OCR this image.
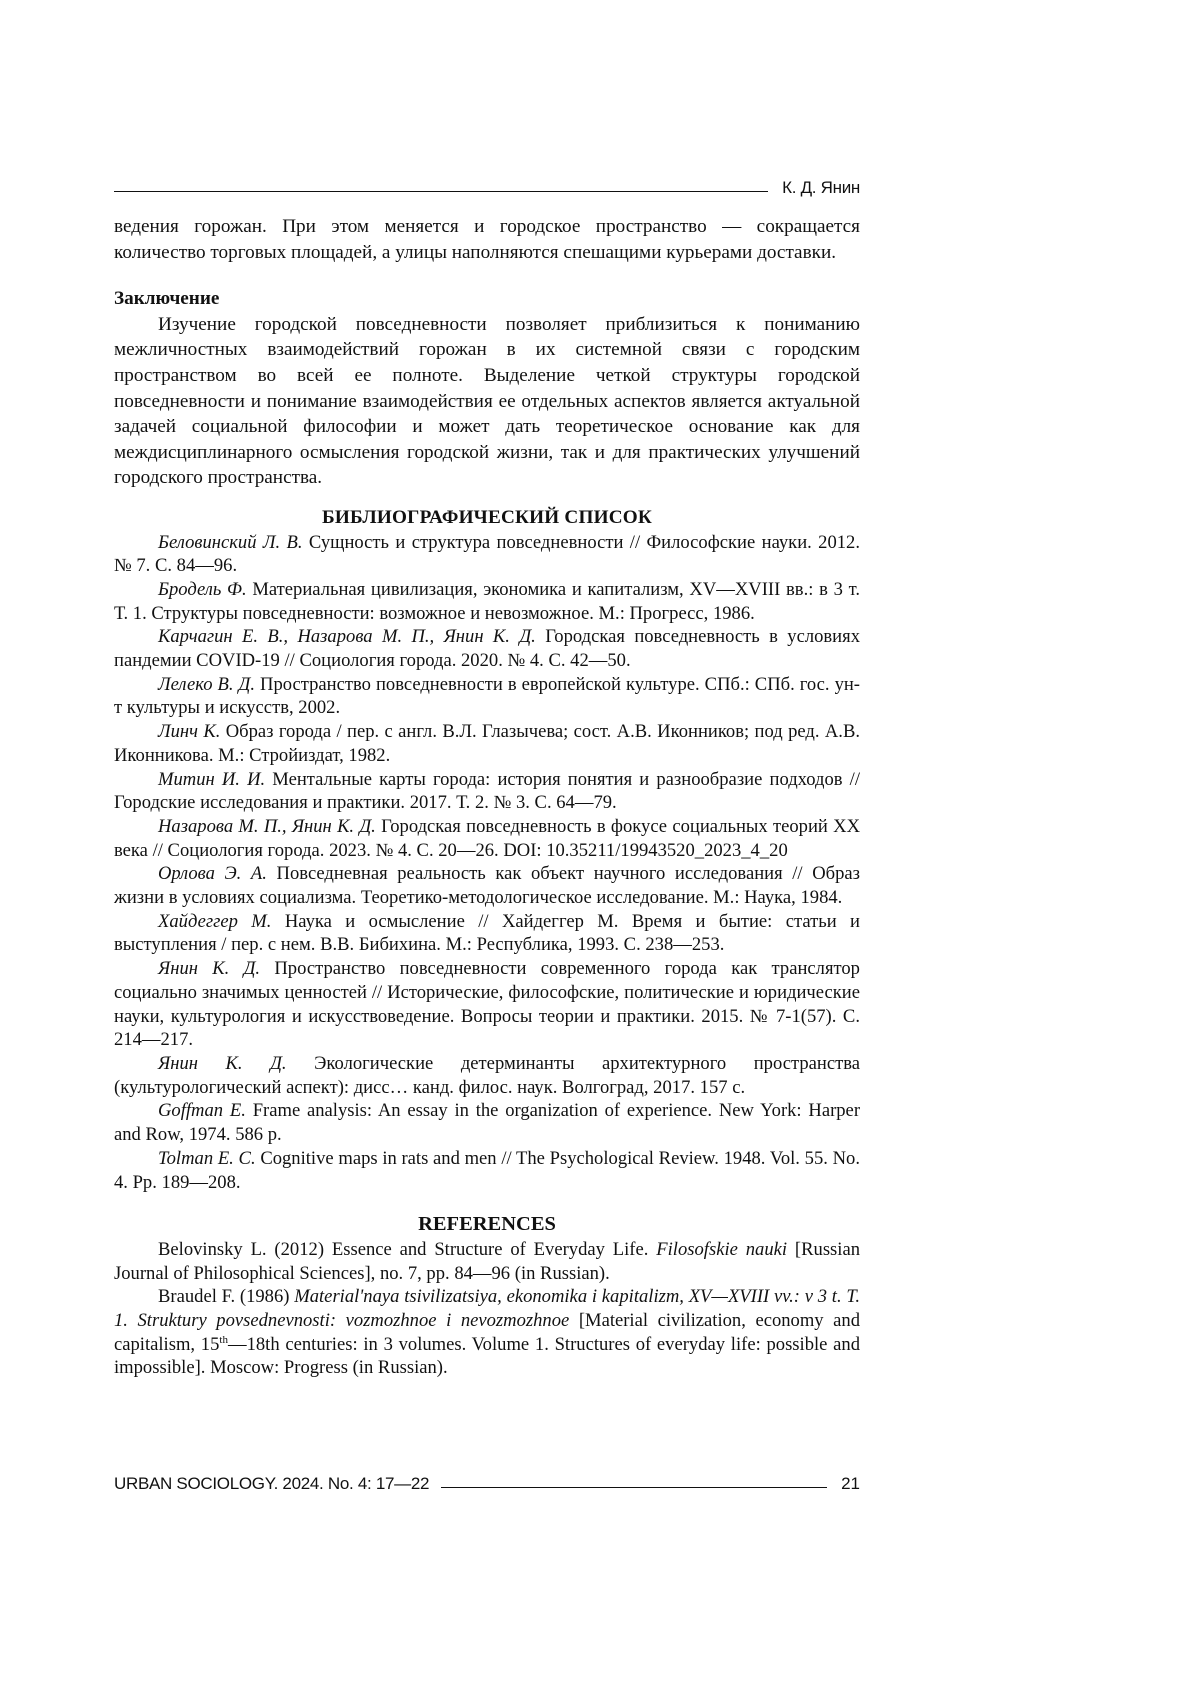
К. Д. Янин

ведения горожан. При этом меняется и городское пространство — сокращается количество торговых площадей, а улицы наполняются спешащими курьерами доставки.

Заключение

Изучение городской повседневности позволяет приблизиться к пониманию межличностных взаимодействий горожан в их системной связи с городским пространством во всей ее полноте. Выделение четкой структуры городской повседневности и понимание взаимодействия ее отдельных аспектов является актуальной задачей социальной философии и может дать теоретическое основание как для междисциплинарного осмысления городской жизни, так и для практических улучшений городского пространства.

БИБЛИОГРАФИЧЕСКИЙ СПИСОК

Беловинский Л. В. Сущность и структура повседневности // Философские науки. 2012. № 7. С. 84—96.

Бродель Ф. Материальная цивилизация, экономика и капитализм, XV—XVIII вв.: в 3 т. Т. 1. Структуры повседневности: возможное и невозможное. М.: Прогресс, 1986.

Карчагин Е. В., Назарова М. П., Янин К. Д. Городская повседневность в условиях пандемии COVID-19 // Социология города. 2020. № 4. С. 42—50.

Лелеко В. Д. Пространство повседневности в европейской культуре. СПб.: СПб. гос. ун-т культуры и искусств, 2002.

Линч К. Образ города / пер. с англ. В.Л. Глазычева; сост. А.В. Иконников; под ред. А.В. Иконникова. М.: Стройиздат, 1982.

Митин И. И. Ментальные карты города: история понятия и разнообразие подходов // Городские исследования и практики. 2017. Т. 2. № 3. С. 64—79.

Назарова М. П., Янин К. Д. Городская повседневность в фокусе социальных теорий XX века // Социология города. 2023. № 4. С. 20—26. DOI: 10.35211/19943520_2023_4_20

Орлова Э. А. Повседневная реальность как объект научного исследования // Образ жизни в условиях социализма. Теоретико-методологическое исследование. М.: Наука, 1984.

Хайдеггер М. Наука и осмысление // Хайдеггер М. Время и бытие: статьи и выступления / пер. с нем. В.В. Бибихина. М.: Республика, 1993. С. 238—253.

Янин К. Д. Пространство повседневности современного города как транслятор социально значимых ценностей // Исторические, философские, политические и юридические науки, культурология и искусствоведение. Вопросы теории и практики. 2015. № 7-1(57). С. 214—217.

Янин К. Д. Экологические детерминанты архитектурного пространства (культурологический аспект): дисс… канд. филос. наук. Волгоград, 2017. 157 с.

Goffman E. Frame analysis: An essay in the organization of experience. New York: Harper and Row, 1974. 586 p.

Tolman E. C. Cognitive maps in rats and men // The Psychological Review. 1948. Vol. 55. No. 4. Pp. 189—208.

REFERENCES

Belovinsky L. (2012) Essence and Structure of Everyday Life. Filosofskie nauki [Russian Journal of Philosophical Sciences], no. 7, pp. 84—96 (in Russian).

Braudel F. (1986) Material'naya tsivilizatsiya, ekonomika i kapitalizm, XV—XVIII vv.: v 3 t. T. 1. Struktury povsednevnosti: vozmozhnoe i nevozmozhnoe [Material civilization, economy and capitalism, 15th—18th centuries: in 3 volumes. Volume 1. Structures of everyday life: possible and impossible]. Moscow: Progress (in Russian).

URBAN SOCIOLOGY. 2024. No. 4: 17—22	21
